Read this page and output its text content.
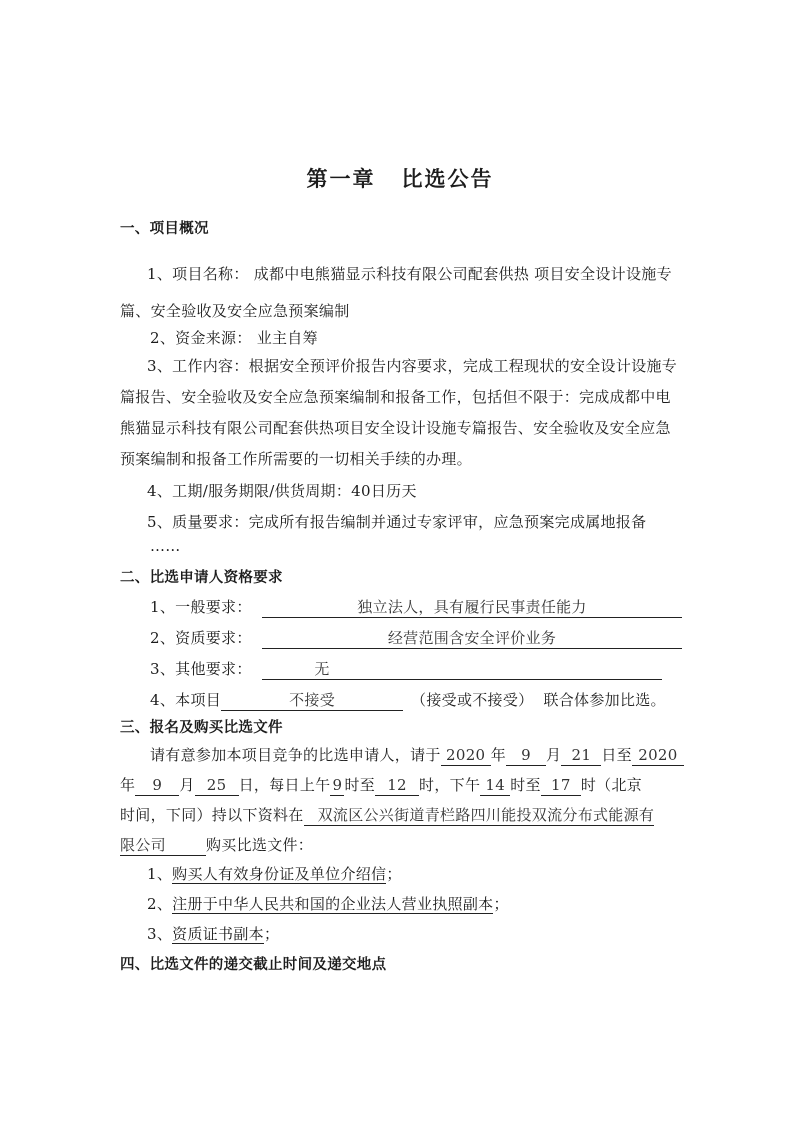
第一章 比选公告
一、项目概况
1、项目名称： 成都中电熊猫显示科技有限公司配套供热 项目安全设计设施专
篇、安全验收及安全应急预案编制
2、资金来源： 业主自筹
3、工作内容：根据安全预评价报告内容要求，完成工程现状的安全设计设施专
篇报告、安全验收及安全应急预案编制和报备工作，包括但不限于：完成成都中电
熊猫显示科技有限公司配套供热项目安全设计设施专篇报告、安全验收及安全应急
预案编制和报备工作所需要的一切相关手续的办理。
4、工期/服务期限/供货周期：40日历天
5、质量要求：完成所有报告编制并通过专家评审，应急预案完成属地报备
……
二、比选申请人资格要求
1、一般要求：	独立法人，具有履行民事责任能力
2、资质要求：	经营范围含安全评价业务
3、其他要求：	无
4、本项目	不接受	（接受或不接受） 联合体参加比选。
三、报名及购买比选文件
请有意参加本项目竞争的比选申请人，请于 2020 年 9 月 21 日至 2020
年 9 月 25 日，每日上午 9 时至 12 时，下午 14 时至 17 时（北京
时间，下同）持以下资料在 双流区公兴街道青栏路四川能投双流分布式能源有
限公司	购买比选文件：
1、购买人有效身份证及单位介绍信；
2、注册于中华人民共和国的企业法人营业执照副本；
3、资质证书副本；
四、比选文件的递交截止时间及递交地点
